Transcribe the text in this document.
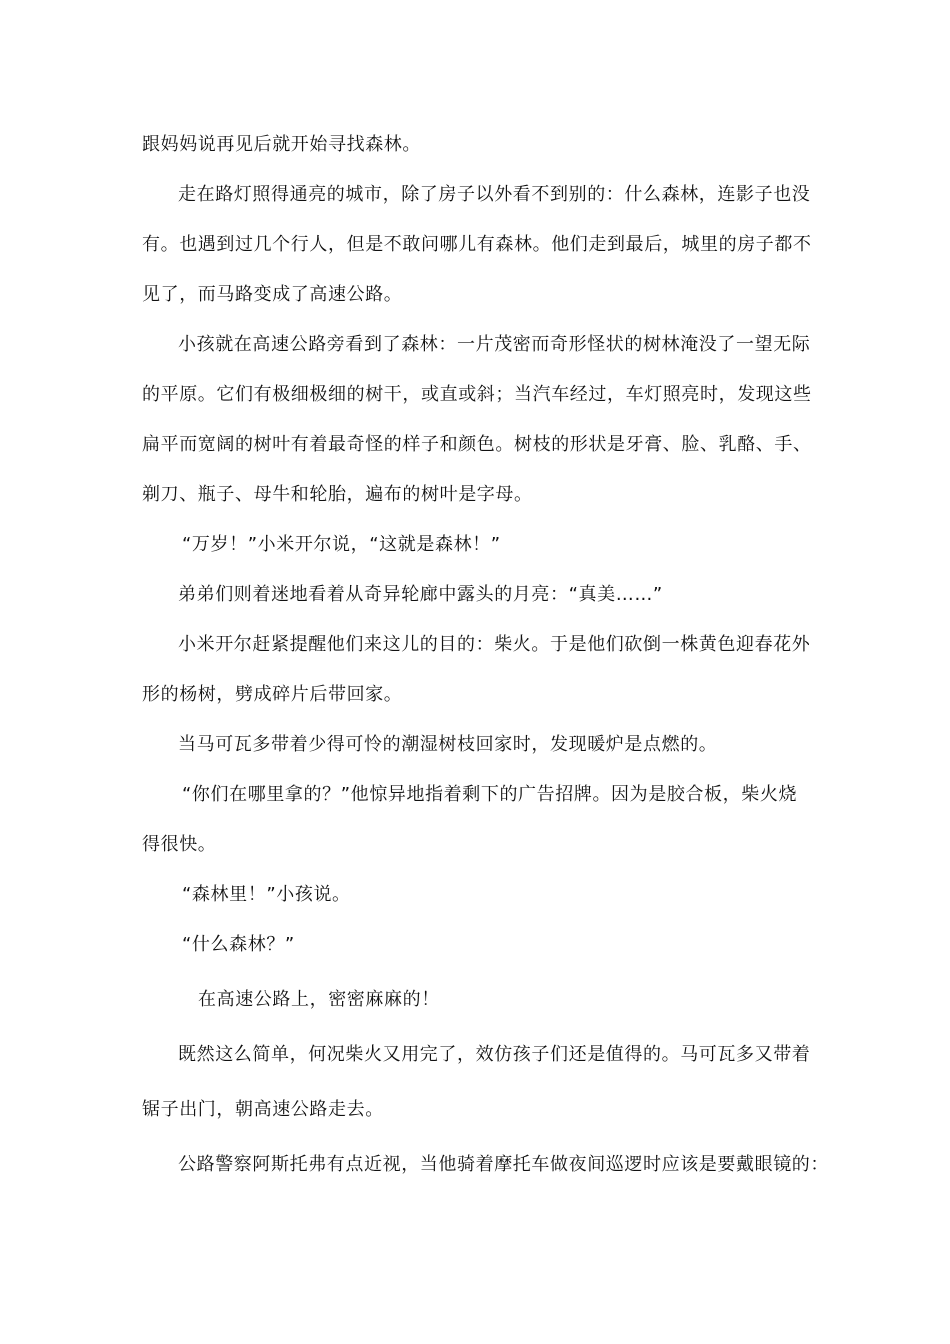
跟妈妈说再见后就开始寻找森林。
走在路灯照得通亮的城市，除了房子以外看不到别的：什么森林，连影子也没
有。也遇到过几个行人，但是不敢问哪儿有森林。他们走到最后，城里的房子都不
见了，而马路变成了高速公路。
小孩就在高速公路旁看到了森林：一片茂密而奇形怪状的树林淹没了一望无际
的平原。它们有极细极细的树干，或直或斜；当汽车经过，车灯照亮时，发现这些
扁平而宽阔的树叶有着最奇怪的样子和颜色。树枝的形状是牙膏、脸、乳酪、手、
剃刀、瓶子、母牛和轮胎，遍布的树叶是字母。
“万岁！”小米开尔说，“这就是森林！”
弟弟们则着迷地看着从奇异轮廊中露头的月亮：“真美……”
小米开尔赶紧提醒他们来这儿的目的：柴火。于是他们砍倒一株黄色迎春花外
形的杨树，劈成碎片后带回家。
当马可瓦多带着少得可怜的潮湿树枝回家时，发现暖炉是点燃的。
“你们在哪里拿的？”他惊异地指着剩下的广告招牌。因为是胶合板，柴火烧
得很快。
“森林里！”小孩说。
“什么森林？”
在高速公路上，密密麻麻的！
既然这么简单，何况柴火又用完了，效仿孩子们还是值得的。马可瓦多又带着
锯子出门，朝高速公路走去。
公路警察阿斯托弗有点近视，当他骑着摩托车做夜间巡逻时应该是要戴眼镜的：
